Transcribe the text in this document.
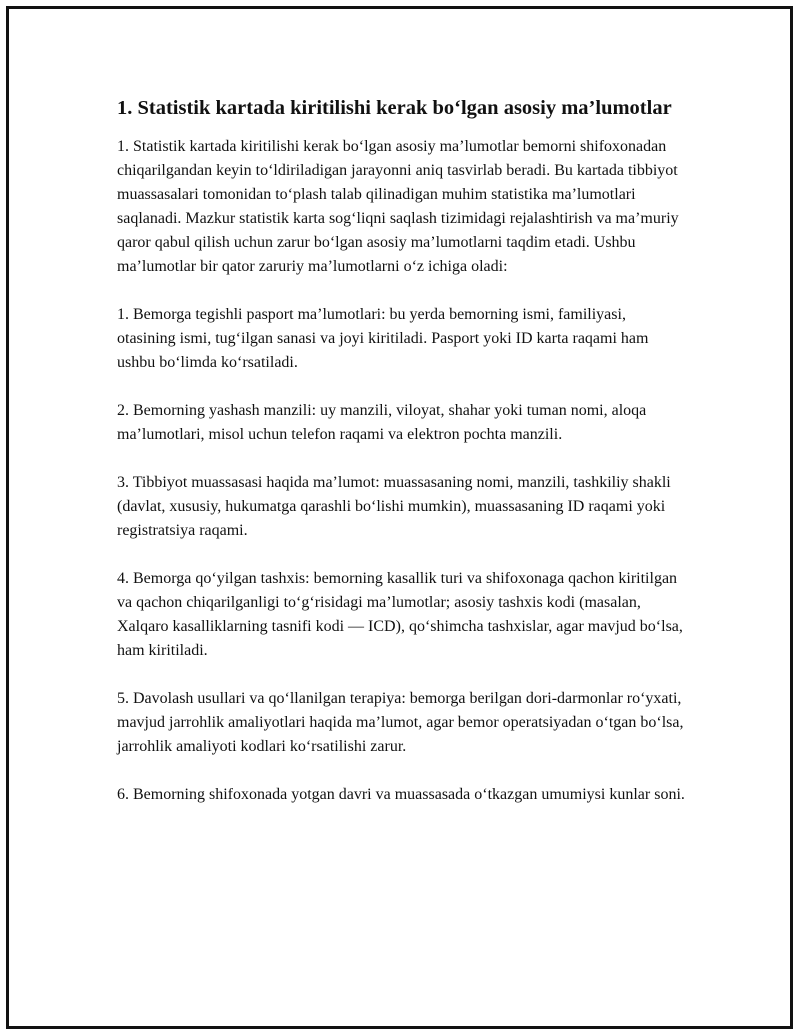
1. Statistik kartada kiritilishi kerak bo‘lgan asosiy ma’lumotlar

1. Statistik kartada kiritilishi kerak bo‘lgan asosiy ma’lumotlar bemorni shifoxonadan chiqarilgandan keyin to‘ldiriladigan jarayonni aniq tasvirlab beradi. Bu kartada tibbiyot muassasalari tomonidan to‘plash talab qilinadigan muhim statistika ma’lumotlari saqlanadi. Mazkur statistik karta sog‘liqni saqlash tizimidagi rejalashtirish va ma’muriy qaror qabul qilish uchun zarur bo‘lgan asosiy ma’lumotlarni taqdim etadi. Ushbu ma’lumotlar bir qator zaruriy ma’lumotlarni o‘z ichiga oladi:

1. Bemorga tegishli pasport ma’lumotlari: bu yerda bemorning ismi, familiyasi, otasining ismi, tug‘ilgan sanasi va joyi kiritiladi. Pasport yoki ID karta raqami ham ushbu bo‘limda ko‘rsatiladi.

2. Bemorning yashash manzili: uy manzili, viloyat, shahar yoki tuman nomi, aloqa ma’lumotlari, misol uchun telefon raqami va elektron pochta manzili.

3. Tibbiyot muassasasi haqida ma’lumot: muassasaning nomi, manzili, tashkiliy shakli (davlat, xususiy, hukumatga qarashli bo‘lishi mumkin), muassasaning ID raqami yoki registratsiya raqami.

4. Bemorga qo‘yilgan tashxis: bemorning kasallik turi va shifoxonaga qachon kiritilgan va qachon chiqarilganligi to‘g‘risidagi ma’lumotlar; asosiy tashxis kodi (masalan, Xalqaro kasalliklarning tasnifi kodi — ICD), qo‘shimcha tashxislar, agar mavjud bo‘lsa, ham kiritiladi.

5. Davolash usullari va qo‘llanilgan terapiya: bemorga berilgan dori-darmonlar ro‘yxati, mavjud jarrohlik amaliyotlari haqida ma’lumot, agar bemor operatsiyadan o‘tgan bo‘lsa, jarrohlik amaliyoti kodlari ko‘rsatilishi zarur.

6. Bemorning shifoxonada yotgan davri va muassasada o‘tkazgan umumiysi kunlar soni.
